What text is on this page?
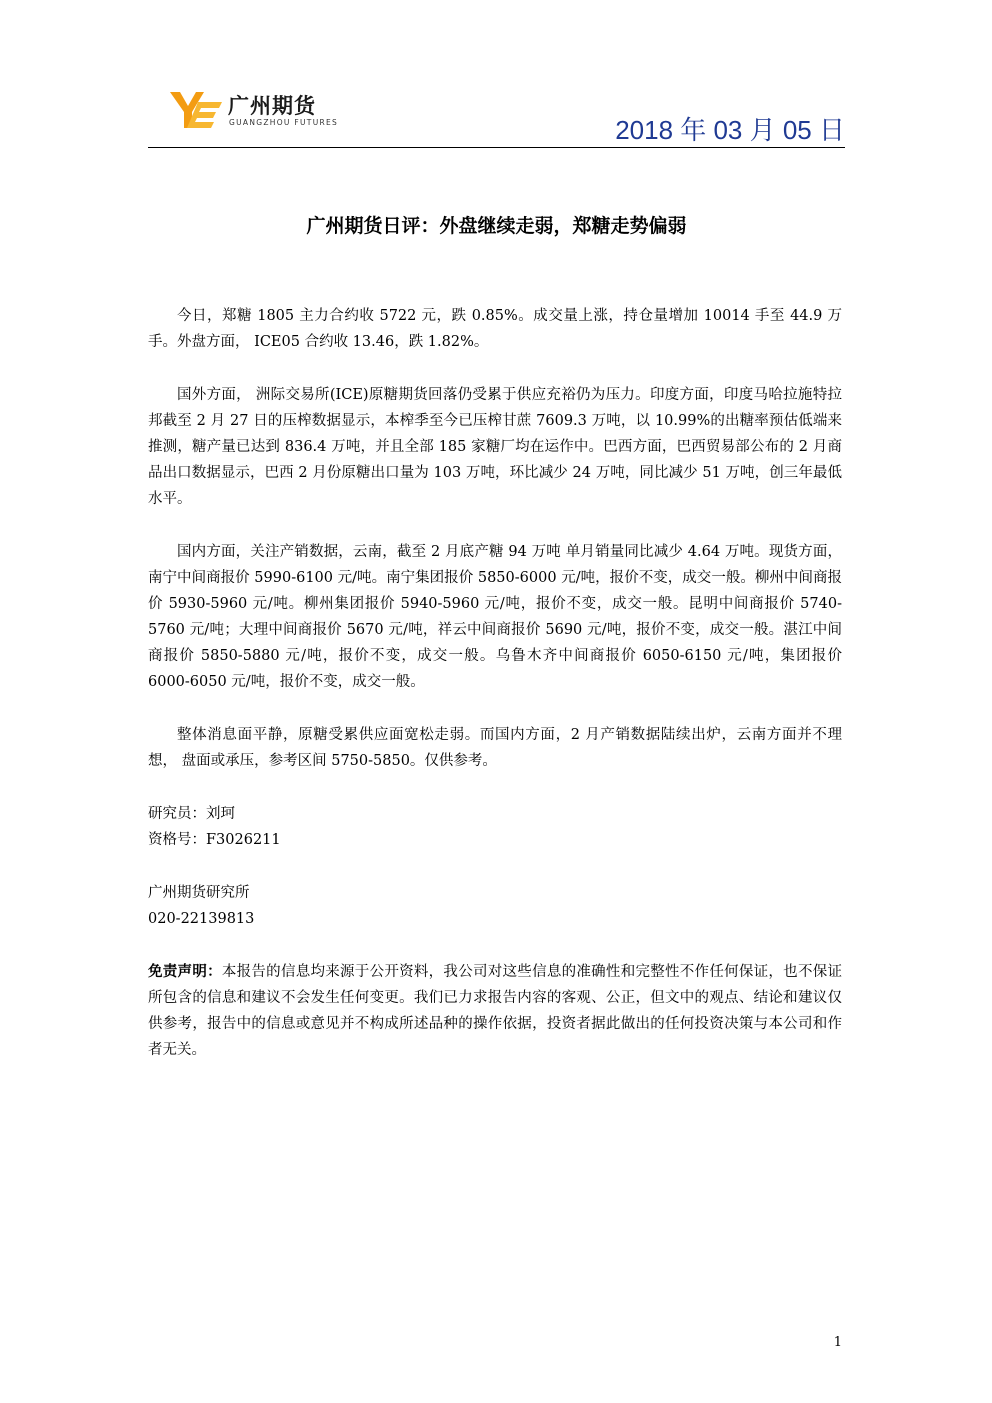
广州期货
GUANGZHOU FUTURES	2018 年 03 月 05 日
广州期货日评：外盘继续走弱，郑糖走势偏弱

今日，郑糖 1805 主力合约收 5722 元，跌 0.85%。成交量上涨，持仓量增加 10014 手至 44.9 万手。外盘方面， ICE05 合约收 13.46，跌 1.82%。

国外方面， 洲际交易所(ICE)原糖期货回落仍受累于供应充裕仍为压力。印度方面，印度马哈拉施特拉邦截至 2 月 27 日的压榨数据显示，本榨季至今已压榨甘蔗 7609.3 万吨，以 10.99%的出糖率预估低端来推测，糖产量已达到 836.4 万吨，并且全部 185 家糖厂均在运作中。巴西方面，巴西贸易部公布的 2 月商品出口数据显示，巴西 2 月份原糖出口量为 103 万吨，环比减少 24 万吨，同比减少 51 万吨，创三年最低水平。

国内方面，关注产销数据，云南，截至 2 月底产糖 94 万吨 单月销量同比减少 4.64 万吨。现货方面， 南宁中间商报价 5990-6100 元/吨。南宁集团报价 5850-6000 元/吨，报价不变，成交一般。柳州中间商报价 5930-5960 元/吨。柳州集团报价 5940-5960 元/吨，报价不变，成交一般。昆明中间商报价 5740-5760 元/吨；大理中间商报价 5670 元/吨，祥云中间商报价 5690 元/吨，报价不变，成交一般。湛江中间商报价 5850-5880 元/吨，报价不变，成交一般。乌鲁木齐中间商报价 6050-6150 元/吨，集团报价 6000-6050 元/吨，报价不变，成交一般。

整体消息面平静，原糖受累供应面宽松走弱。而国内方面，2 月产销数据陆续出炉，云南方面并不理想， 盘面或承压，参考区间 5750-5850。仅供参考。

研究员：刘珂

资格号：F3026211

广州期货研究所

020-22139813

免责声明：本报告的信息均来源于公开资料，我公司对这些信息的准确性和完整性不作任何保证，也不保证所包含的信息和建议不会发生任何变更。我们已力求报告内容的客观、公正，但文中的观点、结论和建议仅供参考，报告中的信息或意见并不构成所述品种的操作依据，投资者据此做出的任何投资决策与本公司和作者无关。

1
